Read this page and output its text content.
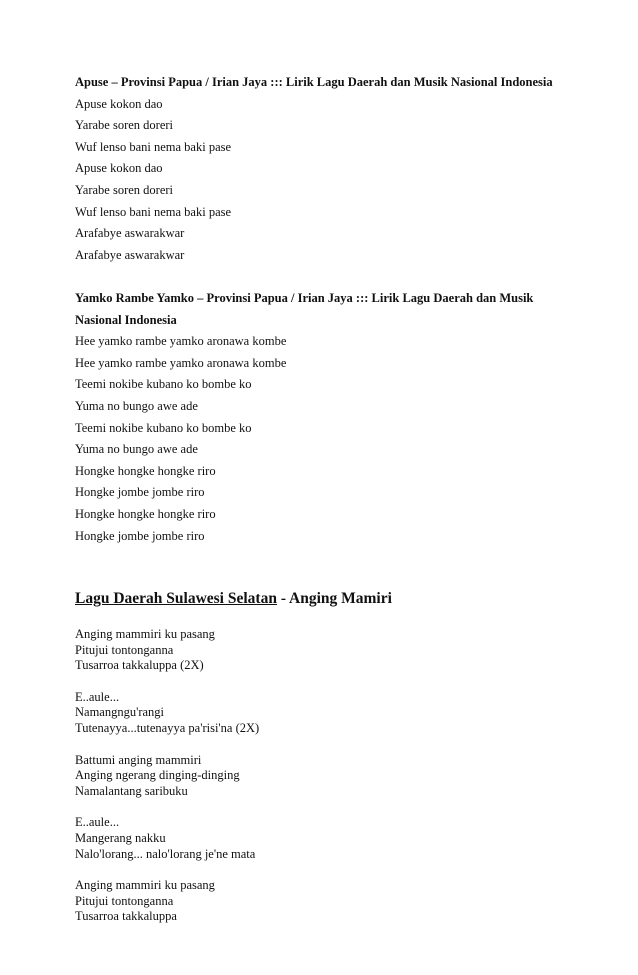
Apuse – Provinsi Papua / Irian Jaya ::: Lirik Lagu Daerah dan Musik Nasional Indonesia
Apuse kokon dao
Yarabe soren doreri
Wuf lenso bani nema baki pase
Apuse kokon dao
Yarabe soren doreri
Wuf lenso bani nema baki pase
Arafabye aswarakwar
Arafabye aswarakwar
Yamko Rambe Yamko – Provinsi Papua / Irian Jaya ::: Lirik Lagu Daerah dan Musik
Nasional Indonesia
Hee yamko rambe yamko aronawa kombe
Hee yamko rambe yamko aronawa kombe
Teemi nokibe kubano ko bombe ko
Yuma no bungo awe ade
Teemi nokibe kubano ko bombe ko
Yuma no bungo awe ade
Hongke hongke hongke riro
Hongke jombe jombe riro
Hongke hongke hongke riro
Hongke jombe jombe riro
Lagu Daerah Sulawesi Selatan - Anging Mamiri
Anging mammiri ku pasang
Pitujui tontonganna
Tusarroa takkaluppa (2X)
E..aule...
Namangngu'rangi
Tutenayya...tutenayya pa'risi'na (2X)
Battumi anging mammiri
Anging ngerang dinging-dinging
Namalantang saribuku
E..aule...
Mangerang nakku
Nalo'lorang... nalo'lorang je'ne mata
Anging mammiri ku pasang
Pitujui tontonganna
Tusarroa takkaluppa
